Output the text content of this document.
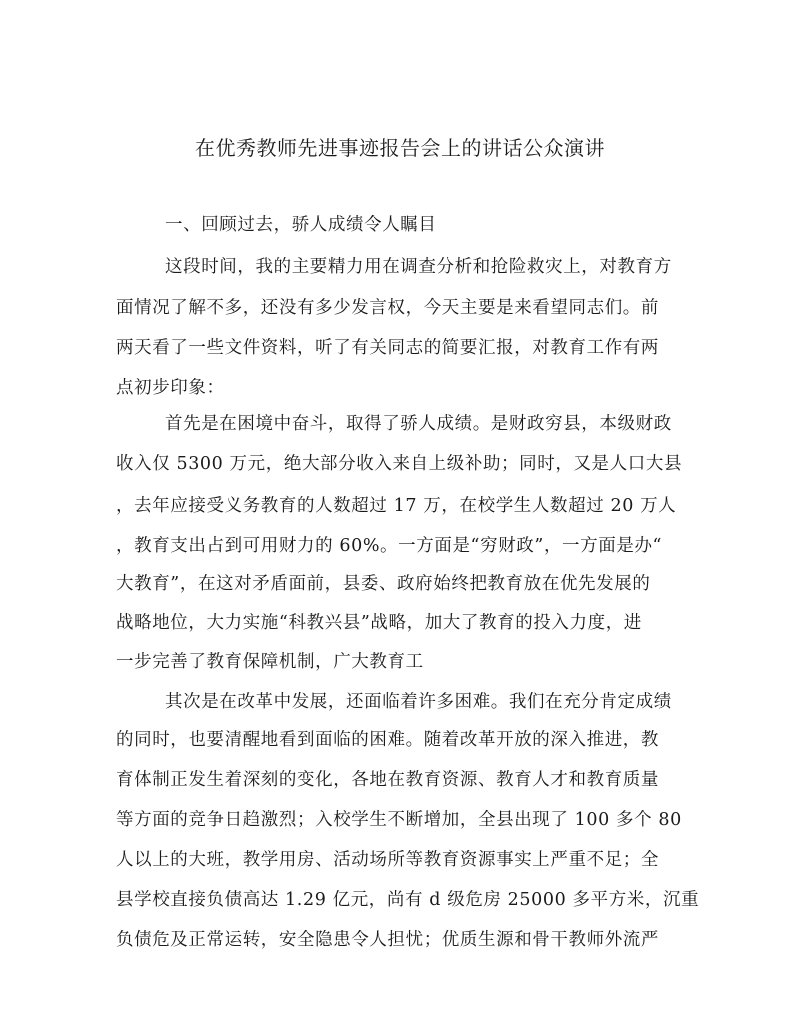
在优秀教师先进事迹报告会上的讲话公众演讲
一、回顾过去，骄人成绩令人瞩目
这段时间，我的主要精力用在调查分析和抢险救灾上，对教育方
面情况了解不多，还没有多少发言权，今天主要是来看望同志们。前
两天看了一些文件资料，听了有关同志的简要汇报，对教育工作有两
点初步印象：
首先是在困境中奋斗，取得了骄人成绩。是财政穷县，本级财政
收入仅 5300 万元，绝大部分收入来自上级补助；同时，又是人口大县
，去年应接受义务教育的人数超过 17 万，在校学生人数超过 20 万人
，教育支出占到可用财力的 60%。一方面是“穷财政”，一方面是办“
大教育”，在这对矛盾面前，县委、政府始终把教育放在优先发展的
战略地位，大力实施“科教兴县”战略，加大了教育的投入力度，进
一步完善了教育保障机制，广大教育工
其次是在改革中发展，还面临着许多困难。我们在充分肯定成绩
的同时，也要清醒地看到面临的困难。随着改革开放的深入推进，教
育体制正发生着深刻的变化，各地在教育资源、教育人才和教育质量
等方面的竞争日趋激烈；入校学生不断增加，全县出现了 100 多个 80
人以上的大班，教学用房、活动场所等教育资源事实上严重不足；全
县学校直接负债高达 1.29 亿元，尚有 d 级危房 25000 多平方米，沉重
负债危及正常运转，安全隐患令人担忧；优质生源和骨干教师外流严
